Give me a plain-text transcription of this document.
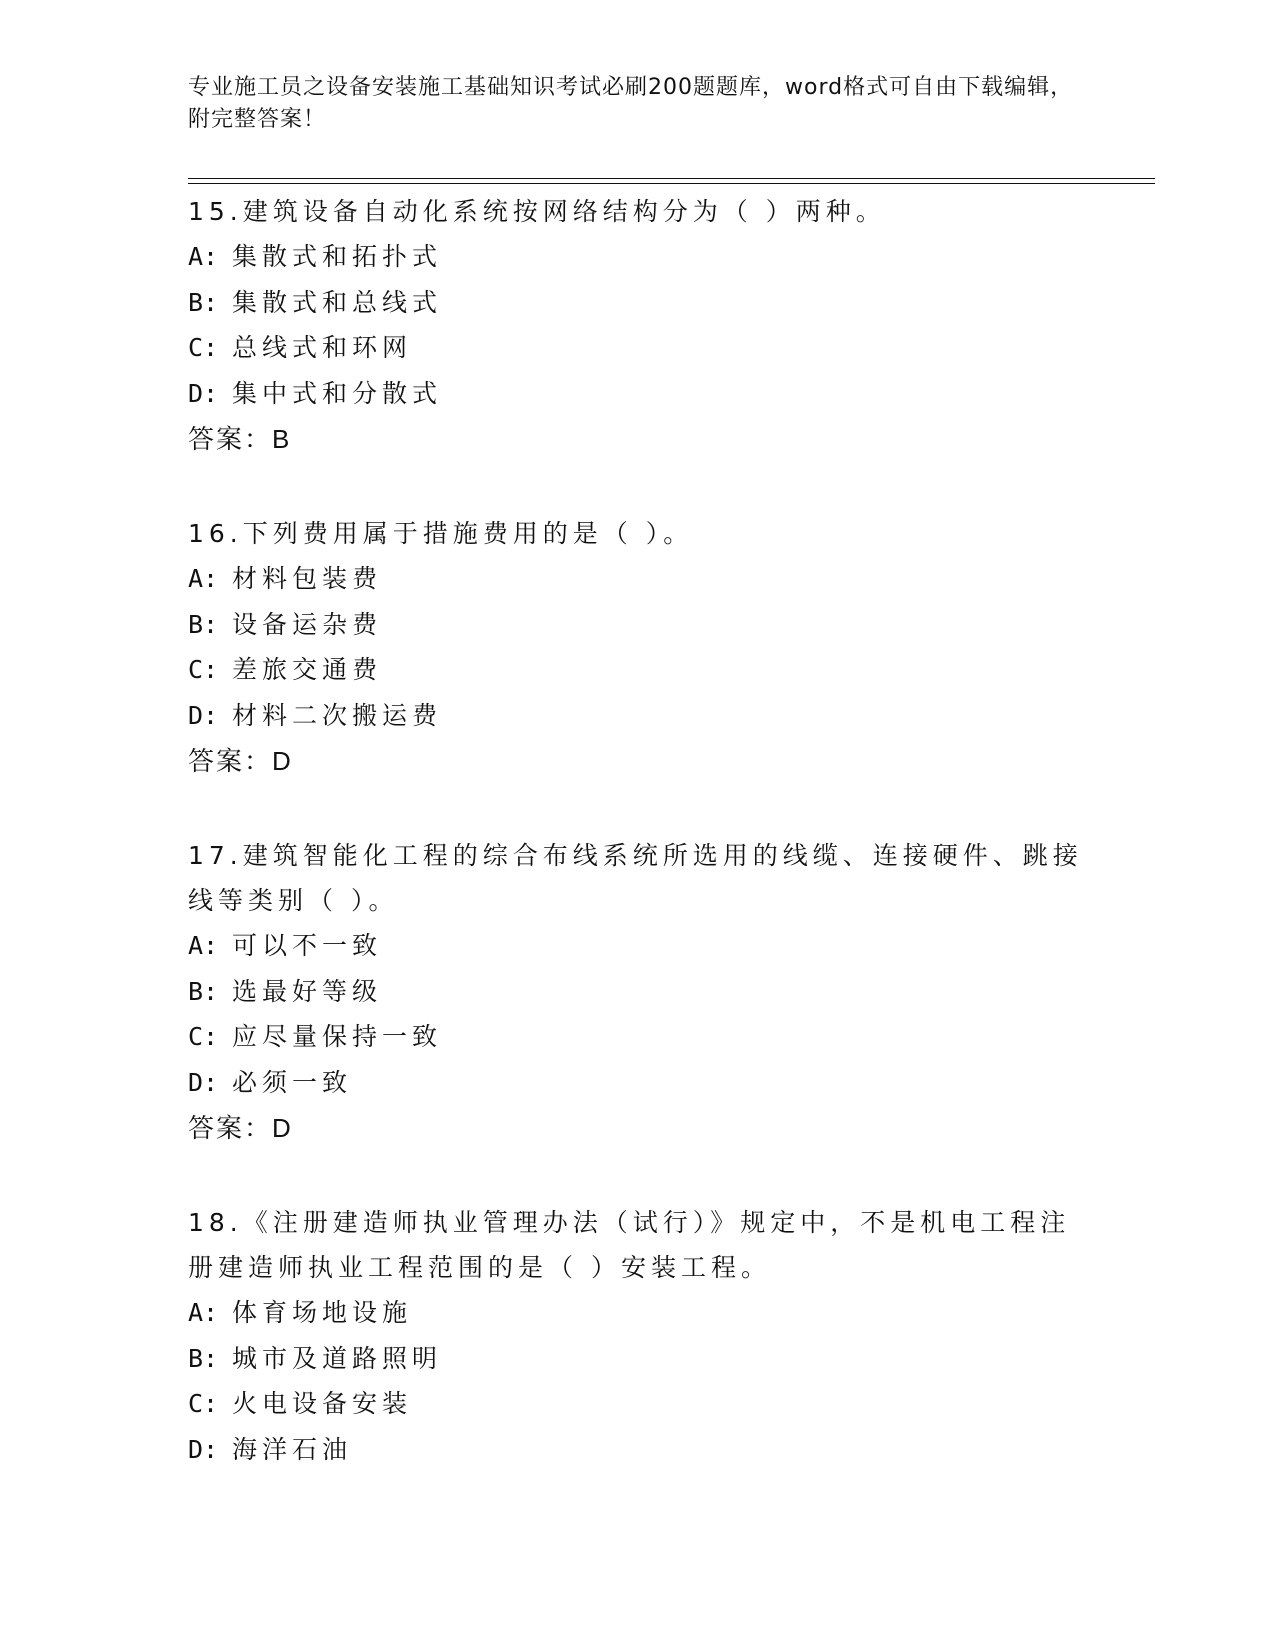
专业施工员之设备安装施工基础知识考试必刷200题题库，word格式可自由下载编辑，附完整答案！
15.建筑设备自动化系统按网络结构分为（ ）两种。
A: 集散式和拓扑式
B: 集散式和总线式
C: 总线式和环网
D: 集中式和分散式
答案：B
16.下列费用属于措施费用的是（ ）。
A: 材料包装费
B: 设备运杂费
C: 差旅交通费
D: 材料二次搬运费
答案：D
17.建筑智能化工程的综合布线系统所选用的线缆、连接硬件、跳接线等类别（ ）。
A: 可以不一致
B: 选最好等级
C: 应尽量保持一致
D: 必须一致
答案：D
18.《注册建造师执业管理办法（试行）》规定中，不是机电工程注册建造师执业工程范围的是（ ）安装工程。
A: 体育场地设施
B: 城市及道路照明
C: 火电设备安装
D: 海洋石油
